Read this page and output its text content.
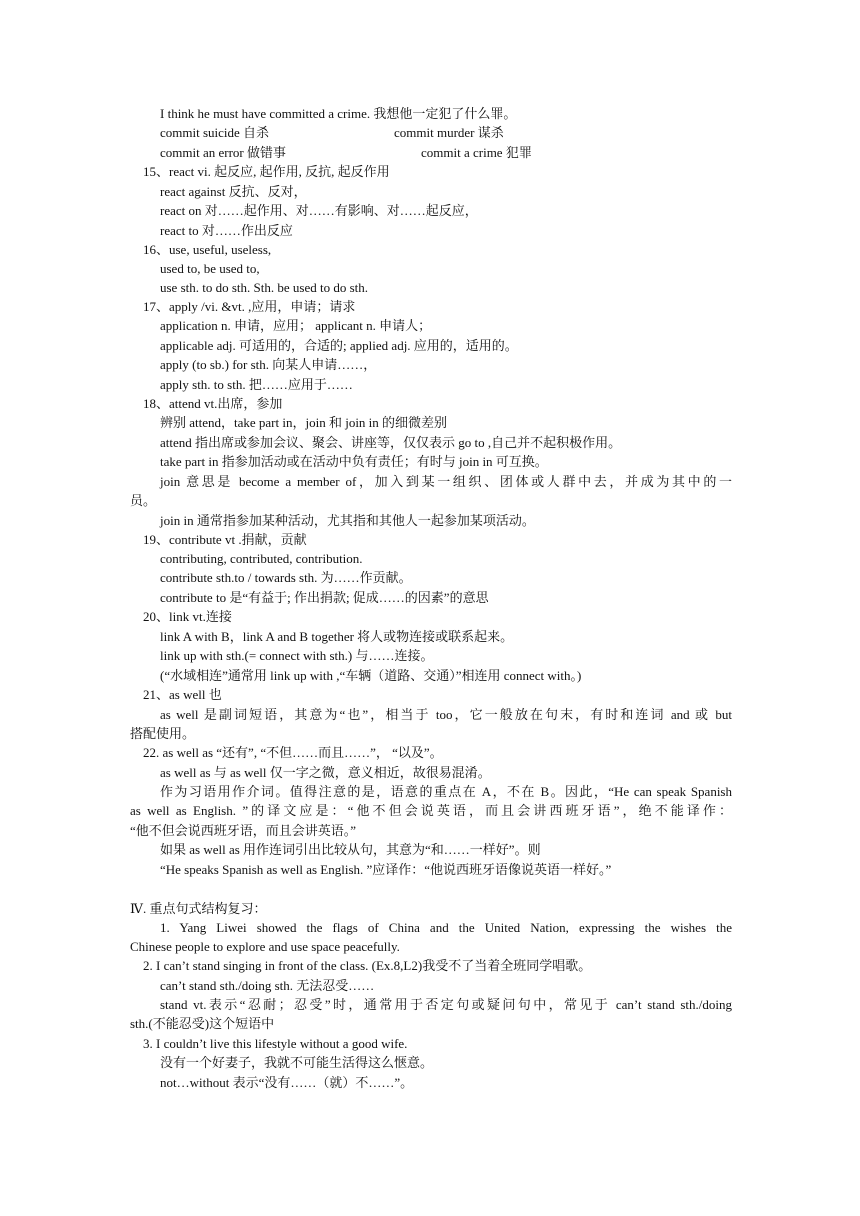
I think he must have committed a crime. 我想他一定犯了什么罪。
commit suicide 自杀	commit murder 谋杀
commit an error 做错事	commit a crime 犯罪
15、react vi. 起反应, 起作用, 反抗, 起反作用
react against 反抗、反对，
react on 对……起作用、对……有影响、对……起反应，
react to 对……作出反应
16、use, useful, useless,
used to, be used to,
use sth. to do sth. Sth. be used to do sth.
17、apply /vi. &vt. ,应用，申请；请求
application n. 申请，应用； applicant n. 申请人；
applicable adj. 可适用的，合适的; applied adj. 应用的，适用的。
apply (to sb.) for sth. 向某人申请……，
apply sth. to sth. 把……应用于……
18、attend vt.出席，参加
辨别 attend，take part in，join 和 join in 的细微差别
attend 指出席或参加会议、聚会、讲座等，仅仅表示 go to ,自己并不起积极作用。
take part in 指参加活动或在活动中负有责任；有时与 join in 可互换。
join 意思是 become a member of，加入到某一组织、团体或人群中去，并成为其中的一
员。
join in 通常指参加某种活动，尤其指和其他人一起参加某项活动。
19、contribute vt .捐献，贡献
contributing, contributed, contribution.
contribute sth.to / towards sth. 为……作贡献。
contribute to 是“有益于; 作出捐款; 促成……的因素”的意思
20、link vt.连接
link A with B，link A and B together 将人或物连接或联系起来。
link up with sth.(= connect with sth.) 与……连接。
(“水域相连”通常用 link up with ,“车辆（道路、交通）”相连用 connect with。)
21、as well 也
as well 是副词短语，其意为“也”，相当于 too，它一般放在句末，有时和连词 and 或 but
搭配使用。
22. as well as “还有”, “不但……而且……”， “以及”。
as well as 与 as well 仅一字之微，意义相近，故很易混淆。
作为习语用作介词。值得注意的是，语意的重点在 A，不在 B。因此，“He can speak Spanish
as well as English. ”的译文应是：“他不但会说英语，而且会讲西班牙语”，绝不能译作：
“他不但会说西班牙语，而且会讲英语。”
如果 as well as 用作连词引出比较从句，其意为“和……一样好”。则
“He speaks Spanish as well as English. ”应译作：“他说西班牙语像说英语一样好。”
Ⅳ. 重点句式结构复习：
1. Yang Liwei showed the flags of China and the United Nation, expressing the wishes the
Chinese people to explore and use space peacefully.
2. I can’t stand singing in front of the class. (Ex.8,L2)我受不了当着全班同学唱歌。
can’t stand sth./doing sth. 无法忍受……
stand vt.表示“忍耐；忍受”时，通常用于否定句或疑问句中，常见于 can’t stand sth./doing
sth.(不能忍受)这个短语中
3. I couldn’t live this lifestyle without a good wife.
没有一个好妻子，我就不可能生活得这么惬意。
not…without 表示“没有……（就）不……”。
